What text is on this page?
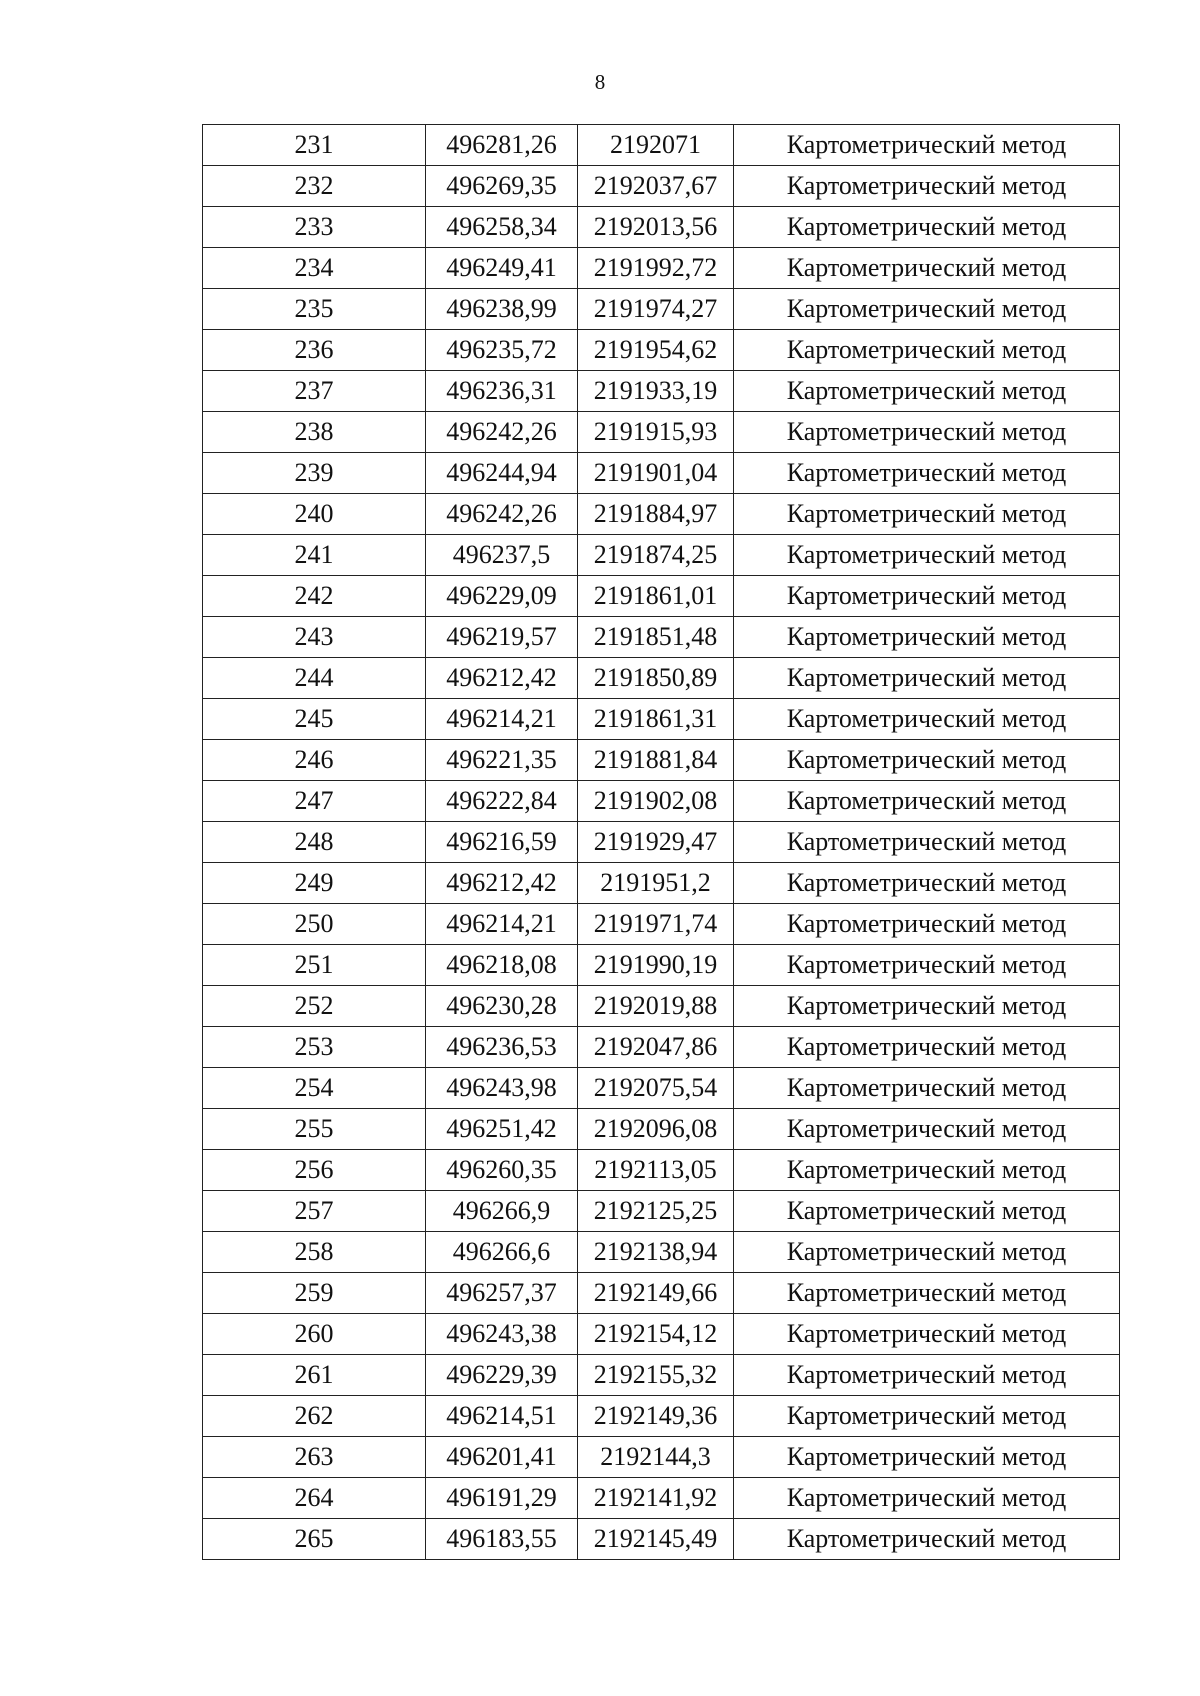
8
231	496281,26	2192071	Картометрический метод
232	496269,35	2192037,67	Картометрический метод
233	496258,34	2192013,56	Картометрический метод
234	496249,41	2191992,72	Картометрический метод
235	496238,99	2191974,27	Картометрический метод
236	496235,72	2191954,62	Картометрический метод
237	496236,31	2191933,19	Картометрический метод
238	496242,26	2191915,93	Картометрический метод
239	496244,94	2191901,04	Картометрический метод
240	496242,26	2191884,97	Картометрический метод
241	496237,5	2191874,25	Картометрический метод
242	496229,09	2191861,01	Картометрический метод
243	496219,57	2191851,48	Картометрический метод
244	496212,42	2191850,89	Картометрический метод
245	496214,21	2191861,31	Картометрический метод
246	496221,35	2191881,84	Картометрический метод
247	496222,84	2191902,08	Картометрический метод
248	496216,59	2191929,47	Картометрический метод
249	496212,42	2191951,2	Картометрический метод
250	496214,21	2191971,74	Картометрический метод
251	496218,08	2191990,19	Картометрический метод
252	496230,28	2192019,88	Картометрический метод
253	496236,53	2192047,86	Картометрический метод
254	496243,98	2192075,54	Картометрический метод
255	496251,42	2192096,08	Картометрический метод
256	496260,35	2192113,05	Картометрический метод
257	496266,9	2192125,25	Картометрический метод
258	496266,6	2192138,94	Картометрический метод
259	496257,37	2192149,66	Картометрический метод
260	496243,38	2192154,12	Картометрический метод
261	496229,39	2192155,32	Картометрический метод
262	496214,51	2192149,36	Картометрический метод
263	496201,41	2192144,3	Картометрический метод
264	496191,29	2192141,92	Картометрический метод
265	496183,55	2192145,49	Картометрический метод
